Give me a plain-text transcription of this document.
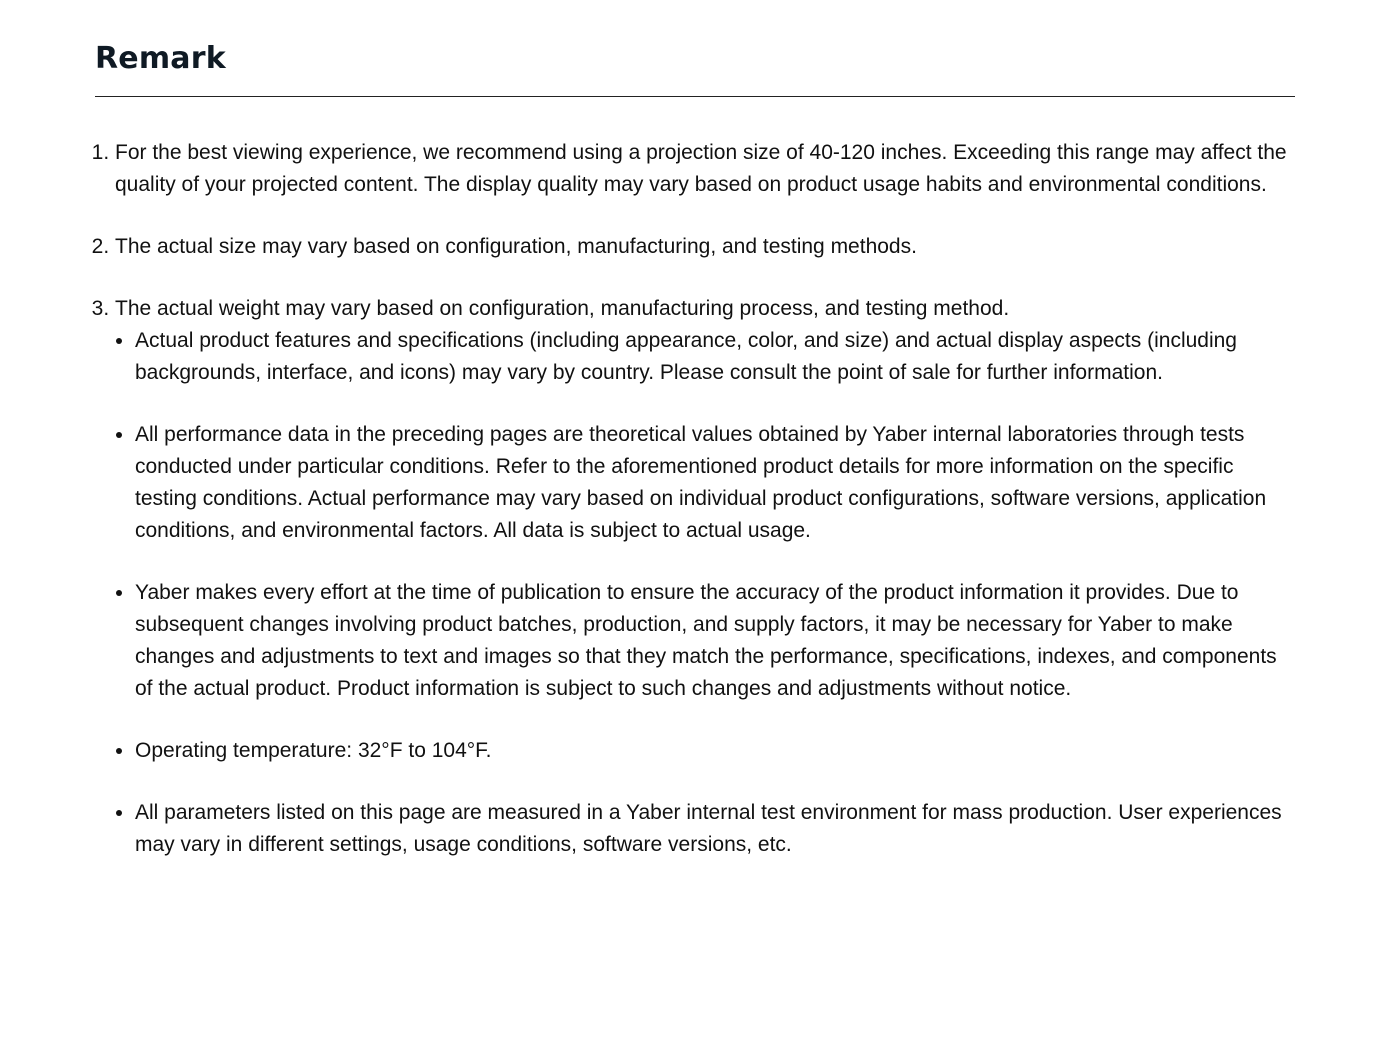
Remark
1. For the best viewing experience, we recommend using a projection size of 40-120 inches. Exceeding this range may affect the quality of your projected content. The display quality may vary based on product usage habits and environmental conditions.
2. The actual size may vary based on configuration, manufacturing, and testing methods.
3. The actual weight may vary based on configuration, manufacturing process, and testing method.
• Actual product features and specifications (including appearance, color, and size) and actual display aspects (including backgrounds, interface, and icons) may vary by country. Please consult the point of sale for further information.
• All performance data in the preceding pages are theoretical values obtained by Yaber internal laboratories through tests conducted under particular conditions. Refer to the aforementioned product details for more information on the specific testing conditions. Actual performance may vary based on individual product configurations, software versions, application conditions, and environmental factors. All data is subject to actual usage.
• Yaber makes every effort at the time of publication to ensure the accuracy of the product information it provides. Due to subsequent changes involving product batches, production, and supply factors, it may be necessary for Yaber to make changes and adjustments to text and images so that they match the performance, specifications, indexes, and components of the actual product. Product information is subject to such changes and adjustments without notice.
• Operating temperature: 32°F to 104°F.
• All parameters listed on this page are measured in a Yaber internal test environment for mass production. User experiences may vary in different settings, usage conditions, software versions, etc.
